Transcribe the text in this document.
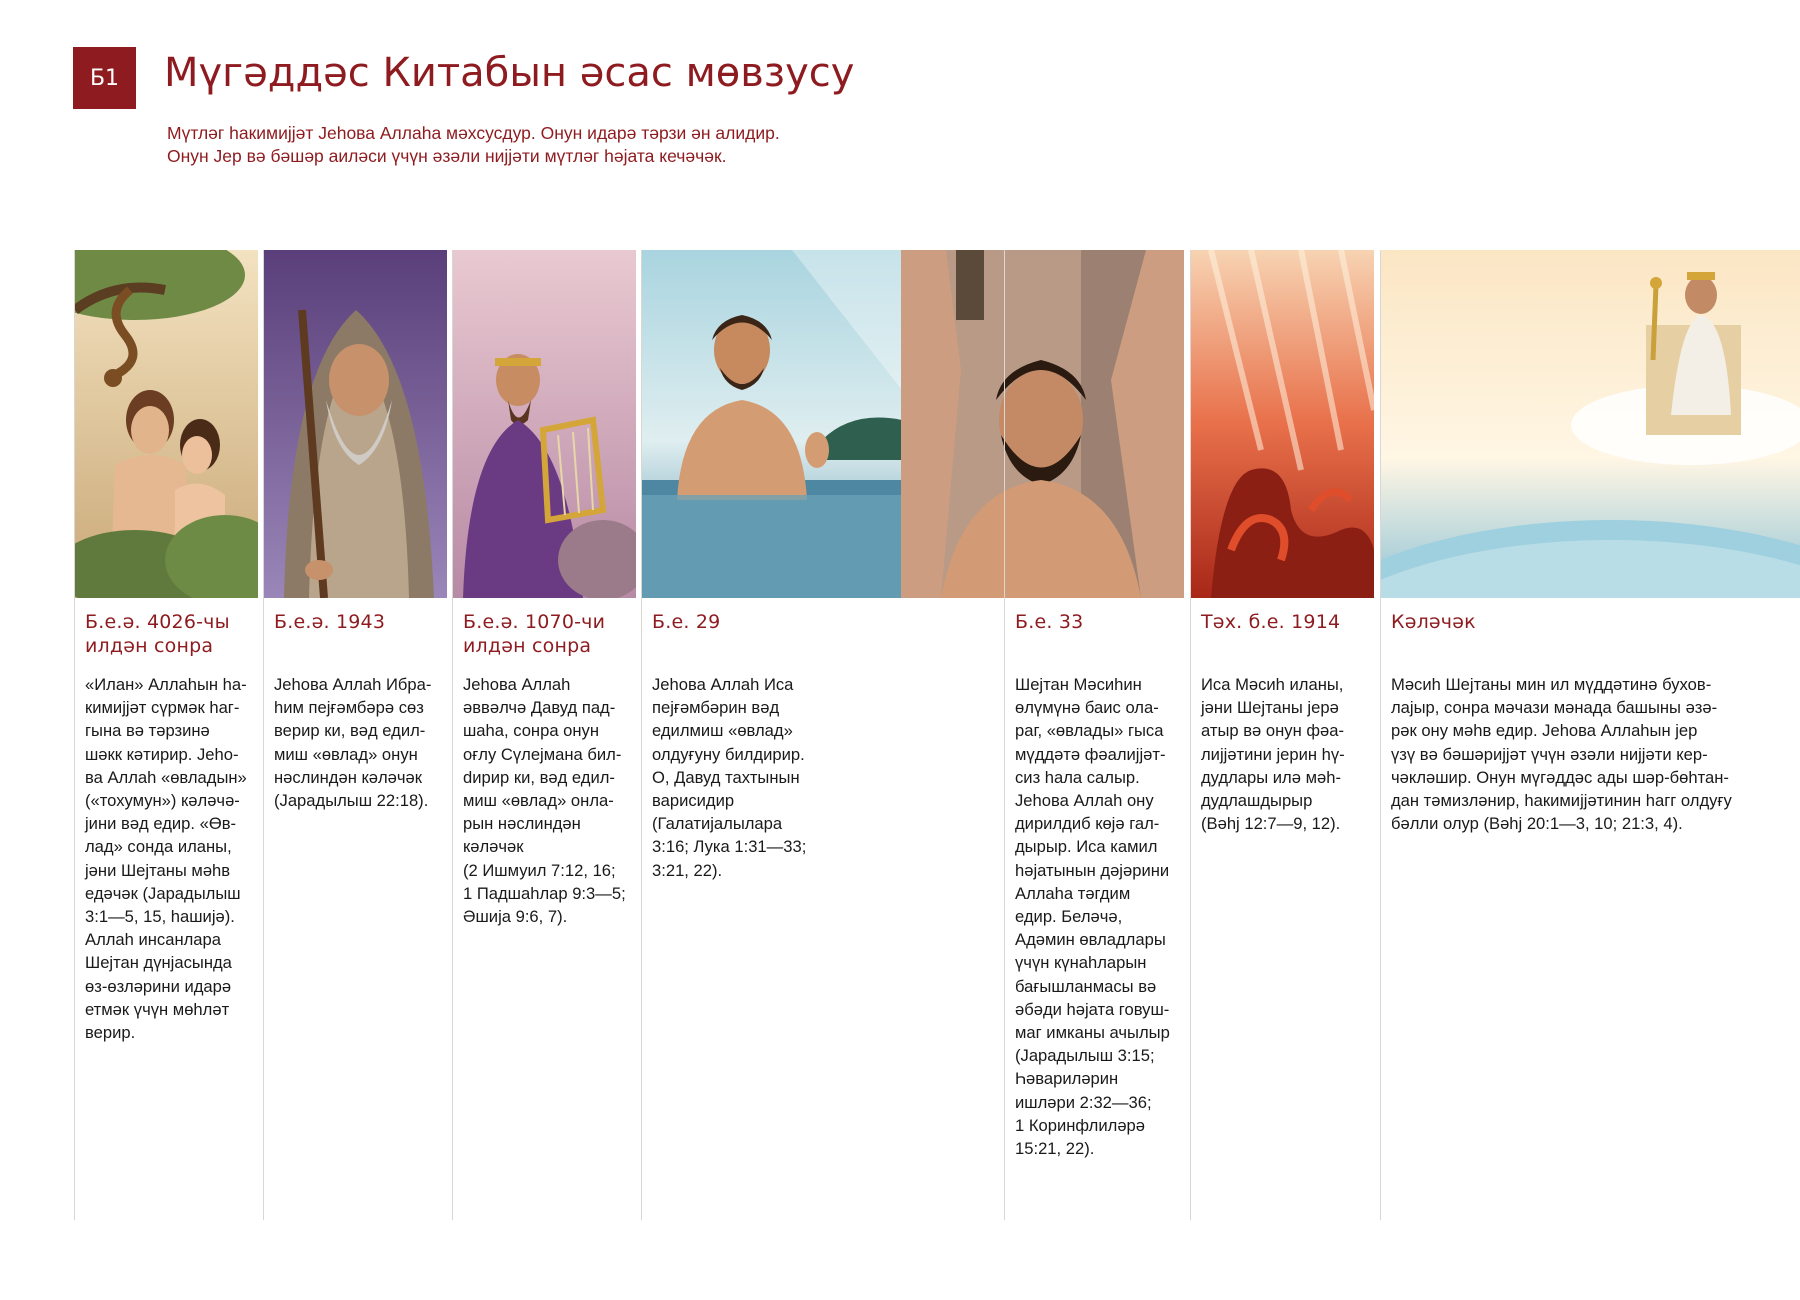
Б1	Мүгәддәс Китабын әсас мөвзусу
Мүтләг һакимијјәт Јеһова Аллаһа мәхсусдур. Онун идарә тәрзи ән алидир.
Онун Јер вә бәшәр аиләси үчүн әзәли нијјәти мүтләг һәјата кечәчәк.
Б.е.ә. 4026-чы илдән сонра
«Илан» Аллаһын һа-
кимијјәт сүрмәк һаг-
гына вә тәрзинә
шәкк кәтирир. Јеһо-
ва Аллаһ «өвладын»
(«тохумун») кәләчә-
јини вәд едир. «Өв-
лад» сонда иланы,
јәни Шејтаны мәһв
едәчәк (Јарадылыш
3:1—5, 15, һашијә).
Аллаһ инсанлара
Шејтан дүнјасында
өз-өзләрини идарә
етмәк үчүн мөһләт
верир.
Б.е.ә. 1943
Јеһова Аллаһ Ибра-
һим пејғәмбәрә сөз
верир ки, вәд едил-
миш «өвлад» онун
нәслиндән кәләчәк
(Јарадылыш 22:18).
Б.е.ә. 1070-чи илдән сонра
Јеһова Аллаһ
әввәлчә Давуд пад-
шаһа, сонра онун
оғлу Сүлејмана бил-
dирир ки, вәд едил-
миш «өвлад» онла-
рын нәслиндән
кәләчәк
(2 Ишмуил 7:12, 16;
1 Падшаһлар 9:3—5;
Әшија 9:6, 7).
Б.е. 29
Јеһова Аллаһ Иса
пејғәмбәрин вәд
едилмиш «өвлад»
олдуғуну билдирир.
О, Давуд тахтынын
варисидир
(Галатијалылара
3:16; Лука 1:31—33;
3:21, 22).
Б.е. 33
Шејтан Мәсиһин
өлүмүнә баис ола-
раг, «өвлады» гыса
мүддәтә фәалијјәт-
сиз һала салыр.
Јеһова Аллаһ ону
дирилдиб көјә гал-
дырыр. Иса камил
һәјатынын дәјәрини
Аллаһа тәгдим
едир. Беләчә,
Адәмин өвладлары
үчүн күнаһларын
бағышланмасы вә
әбәди һәјата говуш-
маг имканы ачылыр
(Јарадылыш 3:15;
Һәвариләрин
ишләри 2:32—36;
1 Коринфлиләрә
15:21, 22).
Тәх. б.е. 1914
Иса Мәсиһ иланы,
јәни Шејтаны јерә
атыр вә онун фәа-
лијјәтини јерин һү-
дудлары илә мәһ-
дудлашдырыр
(Вәһј 12:7—9, 12).
Кәләчәк
Мәсиһ Шејтаны мин ил мүддәтинә бухов-
лајыр, сонра мәчази мәнада башыны әзә-
рәк ону мәһв едир. Јеһова Аллаһын јер
үзү вә бәшәријјәт үчүн әзәли нијјәти кер-
чәкләшир. Онун мүгәддәс ады шәр-бөһтан-
дан тәмизләнир, һакимијјәтинин һагг олдуғу
бәлли олур (Вәһј 20:1—3, 10; 21:3, 4).
